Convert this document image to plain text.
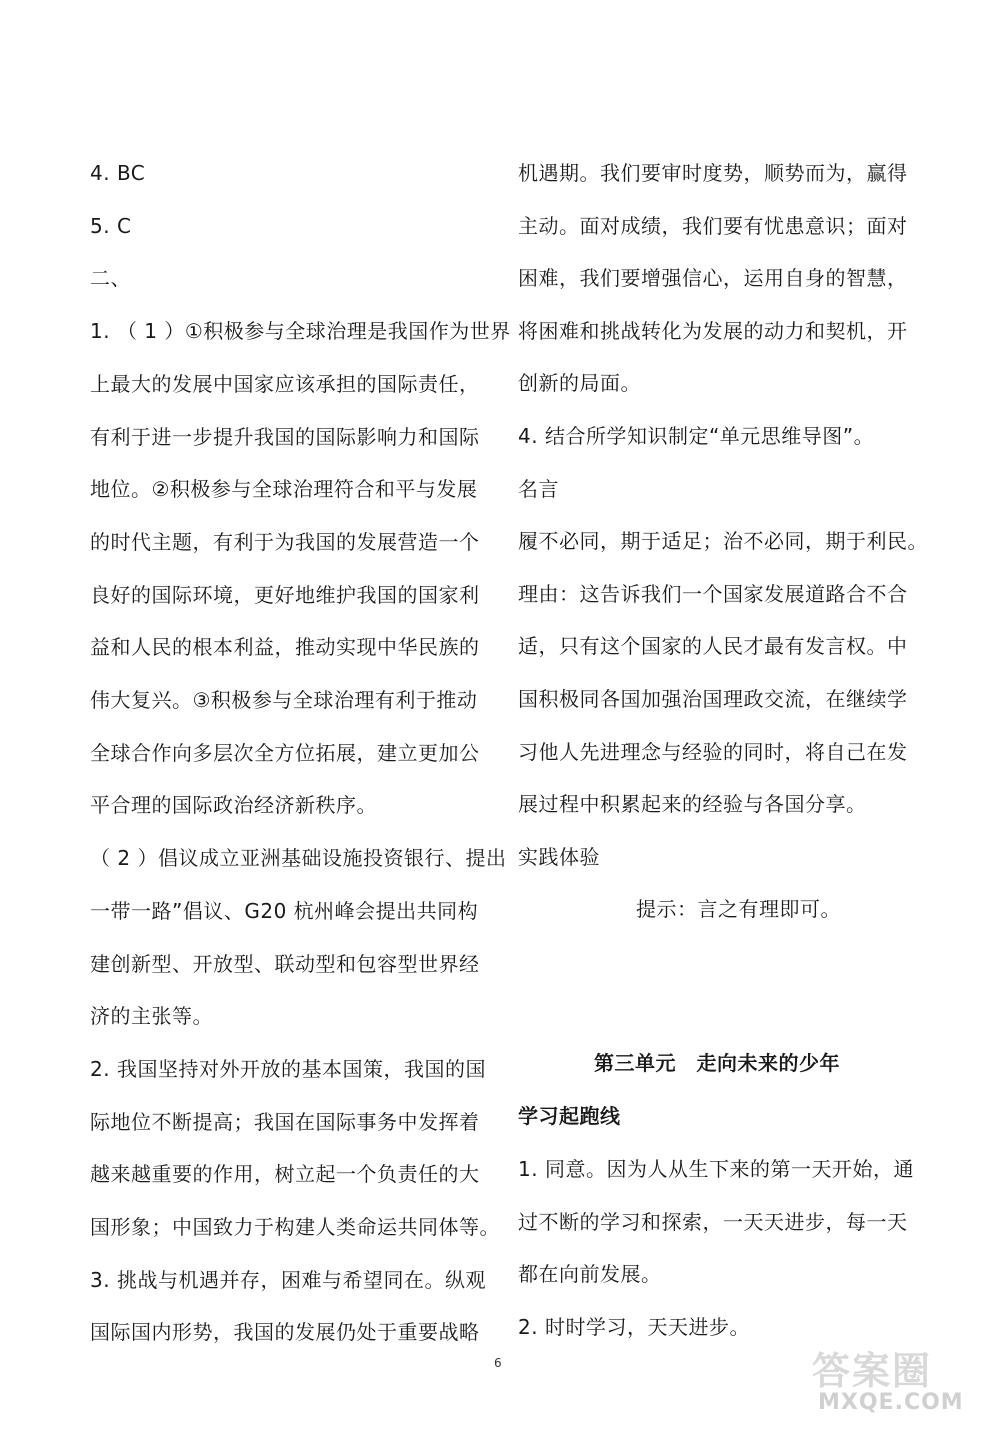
4. BC
5. C
二、
1. （ 1 ）①积极参与全球治理是我国作为世界
上最大的发展中国家应该承担的国际责任，
有利于进一步提升我国的国际影响力和国际
地位。②积极参与全球治理符合和平与发展
的时代主题，有利于为我国的发展营造一个
良好的国际环境，更好地维护我国的国家利
益和人民的根本利益，推动实现中华民族的
伟大复兴。③积极参与全球治理有利于推动
全球合作向多层次全方位拓展，建立更加公
平合理的国际政治经济新秩序。
（ 2 ）倡议成立亚洲基础设施投资银行、提出
一带一路”倡议、G20 杭州峰会提出共同构
建创新型、开放型、联动型和包容型世界经
济的主张等。
2. 我国坚持对外开放的基本国策，我国的国
际地位不断提高；我国在国际事务中发挥着
越来越重要的作用，树立起一个负责任的大
国形象；中国致力于构建人类命运共同体等。
3. 挑战与机遇并存，困难与希望同在。纵观
国际国内形势，我国的发展仍处于重要战略
机遇期。我们要审时度势，顺势而为，赢得
主动。面对成绩，我们要有忧患意识；面对
困难，我们要增强信心，运用自身的智慧，
将困难和挑战转化为发展的动力和契机，开
创新的局面。
4. 结合所学知识制定“单元思维导图”。
名言
履不必同，期于适足；治不必同，期于利民。
理由：这告诉我们一个国家发展道路合不合
适，只有这个国家的人民才最有发言权。中
国积极同各国加强治国理政交流，在继续学
习他人先进理念与经验的同时，将自己在发
展过程中积累起来的经验与各国分享。
实践体验
提示：言之有理即可。
第三单元　走向未来的少年
学习起跑线
1. 同意。因为人从生下来的第一天开始，通
过不断的学习和探索，一天天进步，每一天
都在向前发展。
2. 时时学习，天天进步。
6	答案圈
MXQE.COM
